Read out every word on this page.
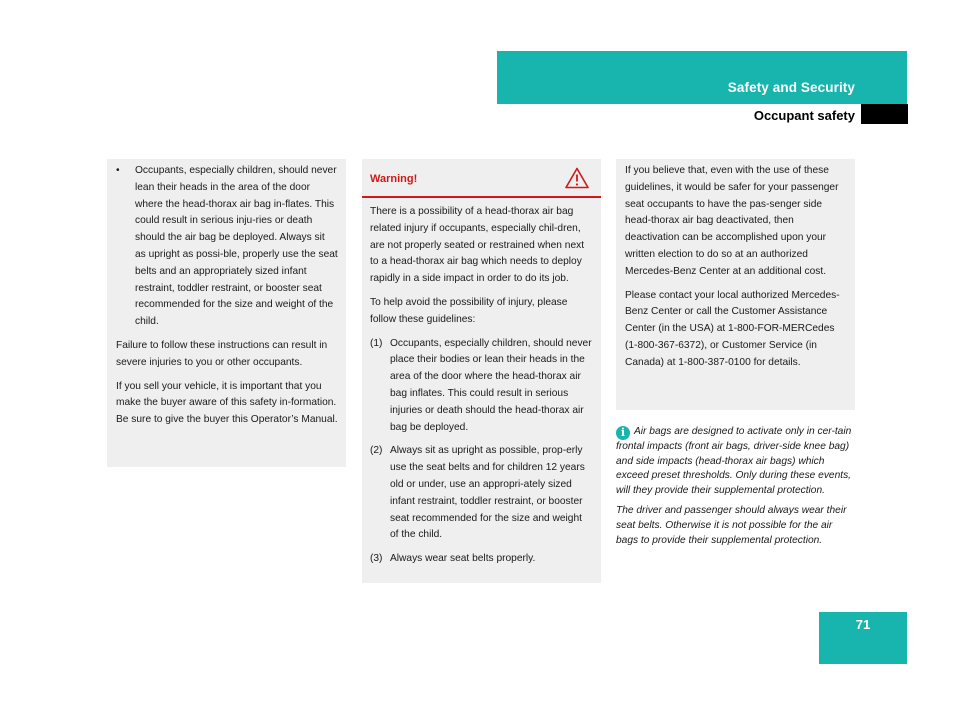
Safety and Security
Occupant safety
• Occupants, especially children, should never lean their heads in the area of the door where the head-thorax air bag in-flates. This could result in serious inju-ries or death should the air bag be deployed. Always sit as upright as possi-ble, properly use the seat belts and an appropriately sized infant restraint, toddler restraint, or booster seat recommended for the size and weight of the child.

Failure to follow these instructions can result in severe injuries to you or other occupants.

If you sell your vehicle, it is important that you make the buyer aware of this safety in-formation. Be sure to give the buyer this Operator’s Manual.

Warning!

There is a possibility of a head-thorax air bag related injury if occupants, especially chil-dren, are not properly seated or restrained when next to a head-thorax air bag which needs to deploy rapidly in a side impact in order to do its job.

To help avoid the possibility of injury, please follow these guidelines:

(1) Occupants, especially children, should never place their bodies or lean their heads in the area of the door where the head-thorax air bag inflates. This could result in serious injuries or death should the head-thorax air bag be deployed.
(2) Always sit as upright as possible, prop-erly use the seat belts and for children 12 years old or under, use an appropri-ately sized infant restraint, toddler restraint, or booster seat recommended for the size and weight of the child.
(3) Always wear seat belts properly.

If you believe that, even with the use of these guidelines, it would be safer for your passenger seat occupants to have the pas-senger side head-thorax air bag deactivated, then deactivation can be accomplished upon your written election to do so at an authorized Mercedes-Benz Center at an additional cost.

Please contact your local authorized Mercedes-Benz Center or call the Customer Assistance Center (in the USA) at 1-800-FOR-MERCedes (1-800-367-6372), or Customer Service (in Canada) at 1-800-387-0100 for details.

i Air bags are designed to activate only in cer-tain frontal impacts (front air bags, driver-side knee bag) and side impacts (head-thorax air bags) which exceed preset thresholds. Only during these events, will they provide their supplemental protection.

The driver and passenger should always wear their seat belts. Otherwise it is not possible for the air bags to provide their supplemental protection.

71
